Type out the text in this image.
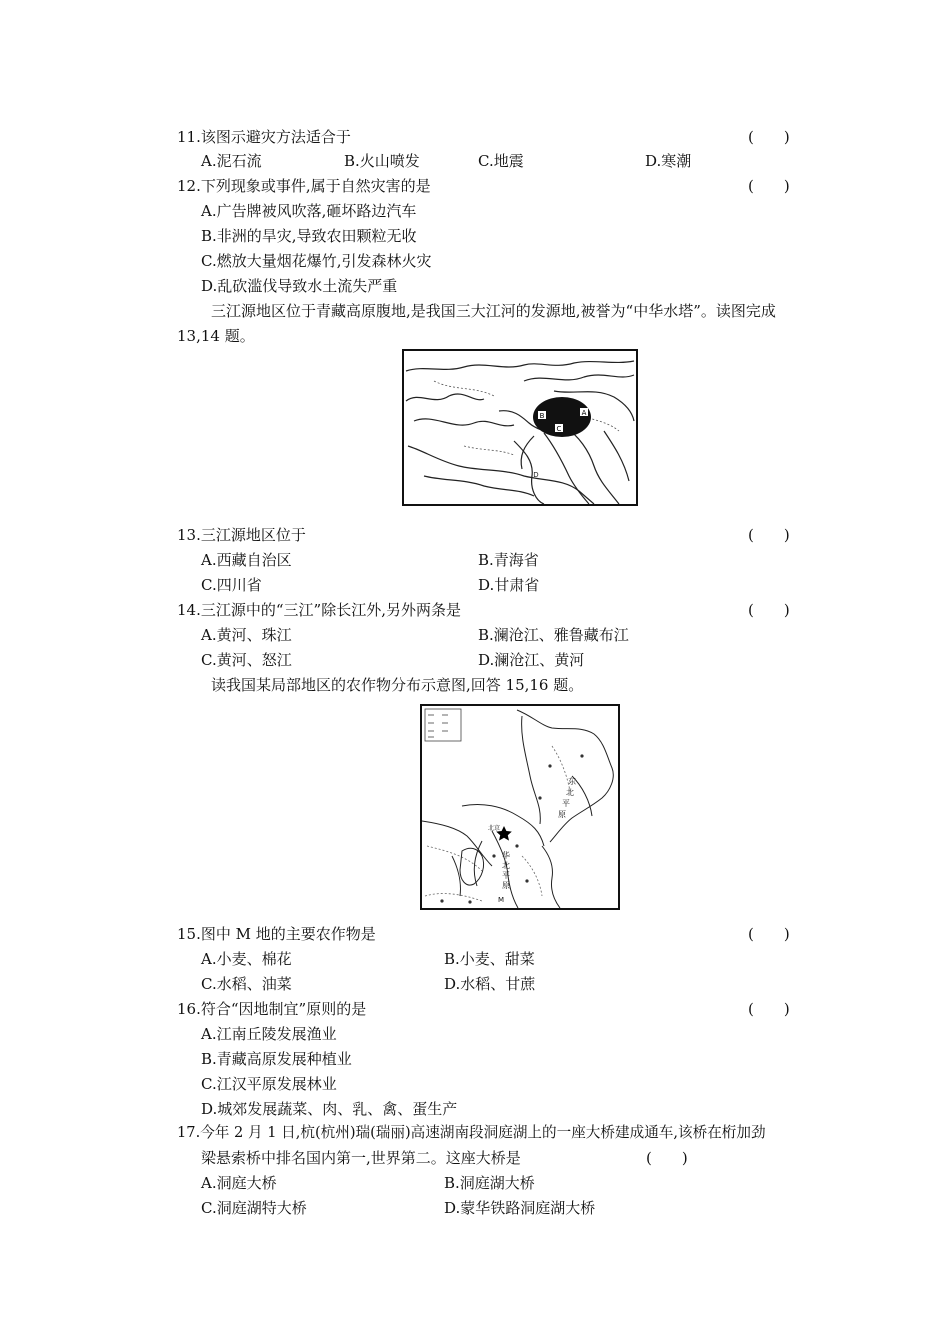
11.该图示避灾方法适合于	(　　)
A.泥石流	B.火山喷发	C.地震	D.寒潮
12.下列现象或事件,属于自然灾害的是	(　　)
A.广告牌被风吹落,砸坏路边汽车
B.非洲的旱灾,导致农田颗粒无收
C.燃放大量烟花爆竹,引发森林火灾
D.乱砍滥伐导致水土流失严重
三江源地区位于青藏高原腹地,是我国三大江河的发源地,被誉为“中华水塔”。读图完成
13,14 题。
B	A
C
D
13.三江源地区位于	(　　)
A.西藏自治区	B.青海省
C.四川省	D.甘肃省
14.三江源中的“三江”除长江外,另外两条是	(　　)
A.黄河、珠江	B.澜沧江、雅鲁藏布江
C.黄河、怒江	D.澜沧江、黄河
读我国某局部地区的农作物分布示意图,回答 15,16 题。
东
北
平
原
北京
华
北
平
原
M
15.图中 M 地的主要农作物是	(　　)
A.小麦、棉花	B.小麦、甜菜
C.水稻、油菜	D.水稻、甘蔗
16.符合“因地制宜”原则的是	(　　)
A.江南丘陵发展渔业
B.青藏高原发展种植业
C.江汉平原发展林业
D.城郊发展蔬菜、肉、乳、禽、蛋生产
17.今年 2 月 1 日,杭(杭州)瑞(瑞丽)高速湖南段洞庭湖上的一座大桥建成通车,该桥在桁加劲
梁悬索桥中排名国内第一,世界第二。这座大桥是	(　　)
A.洞庭大桥	B.洞庭湖大桥
C.洞庭湖特大桥	D.蒙华铁路洞庭湖大桥
